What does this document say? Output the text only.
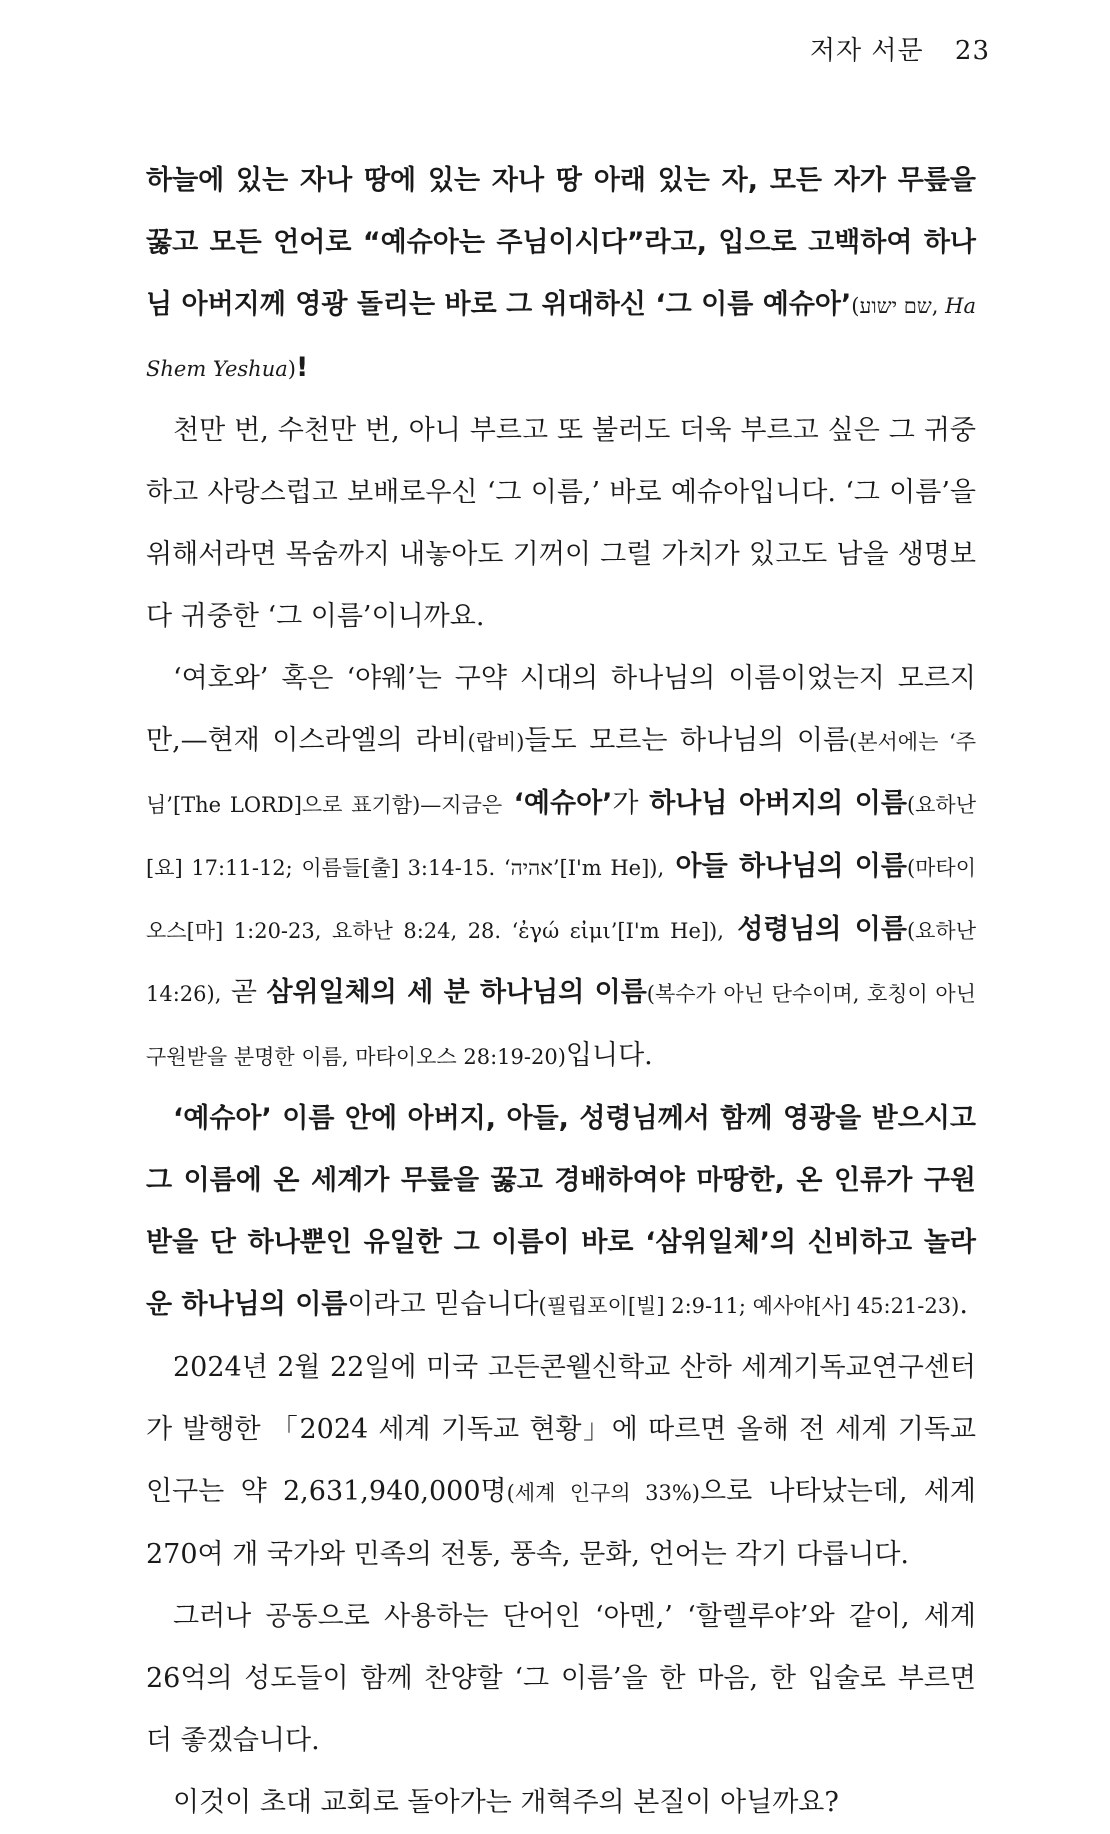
저자 서문 23

하늘에 있는 자나 땅에 있는 자나 땅 아래 있는 자, 모든 자가 무릎을 꿇고 모든 언어로 “예슈아는 주님이시다”라고, 입으로 고백하여 하나님 아버지께 영광 돌리는 바로 그 위대하신 ‘그 이름 예슈아’(שם ישוע, Ha Shem Yeshua)!

천만 번, 수천만 번, 아니 부르고 또 불러도 더욱 부르고 싶은 그 귀중하고 사랑스럽고 보배로우신 ‘그 이름,’ 바로 예슈아입니다. ‘그 이름’을 위해서라면 목숨까지 내놓아도 기꺼이 그럴 가치가 있고도 남을 생명보다 귀중한 ‘그 이름’이니까요.

‘여호와’ 혹은 ‘야웨’는 구약 시대의 하나님의 이름이었는지 모르지만,—현재 이스라엘의 라비(랍비)들도 모르는 하나님의 이름(본서에는 ‘주님’[The LORD]으로 표기함)—지금은 ‘예슈아’가 하나님 아버지의 이름(요하난[요] 17:11-12; 이름들[출] 3:14-15. ‘אהיה’[I'm He]), 아들 하나님의 이름(마타이오스[마] 1:20-23, 요하난 8:24, 28. ‘ἐγώ εἰμι’[I'm He]), 성령님의 이름(요하난 14:26), 곧 삼위일체의 세 분 하나님의 이름(복수가 아닌 단수이며, 호칭이 아닌 구원받을 분명한 이름, 마타이오스 28:19-20)입니다.

‘예슈아’ 이름 안에 아버지, 아들, 성령님께서 함께 영광을 받으시고 그 이름에 온 세계가 무릎을 꿇고 경배하여야 마땅한, 온 인류가 구원받을 단 하나뿐인 유일한 그 이름이 바로 ‘삼위일체’의 신비하고 놀라운 하나님의 이름이라고 믿습니다(필립포이[빌] 2:9-11; 예사야[사] 45:21-23).

2024년 2월 22일에 미국 고든콘웰신학교 산하 세계기독교연구센터가 발행한 「2024 세계 기독교 현황」에 따르면 올해 전 세계 기독교 인구는 약 2,631,940,000명(세계 인구의 33%)으로 나타났는데, 세계 270여 개 국가와 민족의 전통, 풍속, 문화, 언어는 각기 다릅니다.

그러나 공동으로 사용하는 단어인 ‘아멘,’ ‘할렐루야’와 같이, 세계 26억의 성도들이 함께 찬양할 ‘그 이름’을 한 마음, 한 입술로 부르면 더 좋겠습니다.

이것이 초대 교회로 돌아가는 개혁주의 본질이 아닐까요?
